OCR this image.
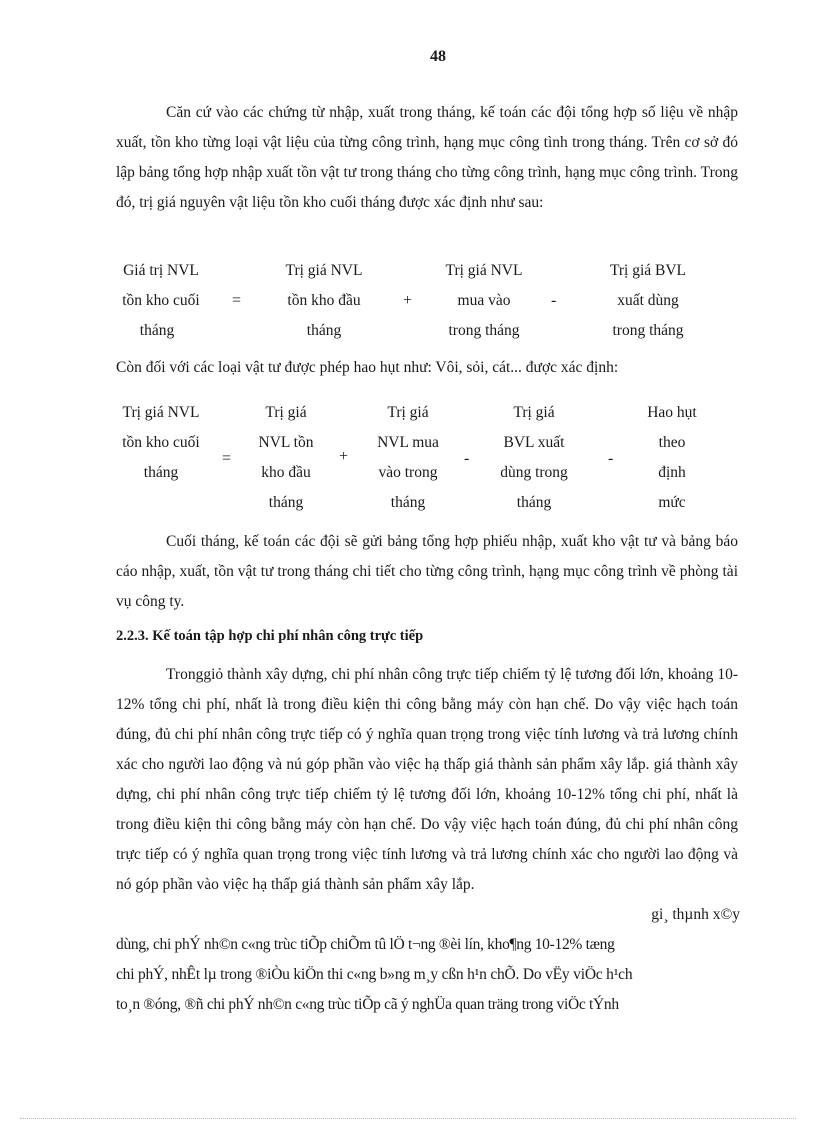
48

Căn cứ vào các chứng từ nhập, xuất trong tháng, kế toán các đội tổng hợp số liệu về nhập xuất, tồn kho từng loại vật liệu của từng công trình, hạng mục công tình trong tháng. Trên cơ sở đó lập bảng tổng hợp nhập xuất tồn vật tư trong tháng cho từng công trình, hạng mục công trình. Trong đó, trị giá nguyên vật liệu tồn kho cuối tháng được xác định như sau:

Giá trị NVL
tồn kho cuối
tháng
=
Trị giá NVL
tồn kho đầu
tháng
+
Trị giá NVL
mua vào
trong tháng
-
Trị giá BVL
xuất dùng
trong tháng

Còn đối với các loại vật tư được phép hao hụt như: Vôi, sỏi, cát... được xác định:

Trị giá NVL
tồn kho cuối
tháng
=
Trị giá
NVL tồn
kho đầu
tháng
+
Trị giá
NVL mua
vào trong
tháng
-
Trị giá
BVL xuất
dùng trong
tháng
-
Hao hụt
theo
định
mức

Cuối tháng, kế toán các đội sẽ gửi bảng tổng hợp phiếu nhập, xuất kho vật tư và bảng báo cáo nhập, xuất, tồn vật tư trong tháng chi tiết cho từng công trình, hạng mục công trình về phòng tài vụ công ty.

2.2.3. Kế toán tập hợp chi phí nhân công trực tiếp

Tronggiỏ thành xây dựng, chi phí nhân công trực tiếp chiếm tỷ lệ tương đối lớn, khoảng 10-12% tổng chi phí, nhất là trong điều kiện thi công bằng máy còn hạn chế. Do vậy việc hạch toán đúng, đủ chi phí nhân công trực tiếp có ý nghĩa quan trọng trong việc tính lương và trả lương chính xác cho người lao động và nú góp phần vào việc hạ thấp giá thành sản phẩm xây lắp. giá thành xây dựng, chi phí nhân công trực tiếp chiếm tỷ lệ tương đối lớn, khoảng 10-12% tổng chi phí, nhất là trong điều kiện thi công bằng máy còn hạn chế. Do vậy việc hạch toán đúng, đủ chi phí nhân công trực tiếp có ý nghĩa quan trọng trong việc tính lương và trả lương chính xác cho người lao động và nó góp phần vào việc hạ thấp giá thành sản phẩm xây lắp.

gi¸ thµnh x©y
dùng, chi phÝ nh©n c«ng trùc tiÕp chiÕm tû lÖ t¬ng ®èi lín, kho¶ng 10-12% tæng
chi phÝ, nhÊt lµ trong ®iÒu kiÖn thi c«ng b»ng m¸y cßn h¹n chÕ. Do vËy viÖc h¹ch
to¸n ®óng, ®ñ chi phÝ nh©n c«ng trùc tiÕp cã ý nghÜa quan träng trong viÖc tÝnh
